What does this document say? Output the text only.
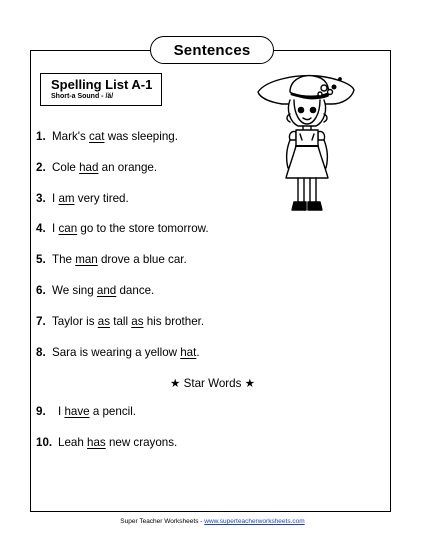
Sentences
Spelling List A-1
Short-a Sound - /ă/
1. Mark's cat was sleeping.
2. Cole had an orange.
3. I am very tired.
4. I can go to the store tomorrow.
5. The man drove a blue car.
6. We sing and dance.
7. Taylor is as tall as his brother.
8. Sara is wearing a yellow hat.
★ Star Words ★
9. I have a pencil.
10. Leah has new crayons.
Super Teacher Worksheets - www.superteacherworksheets.com
